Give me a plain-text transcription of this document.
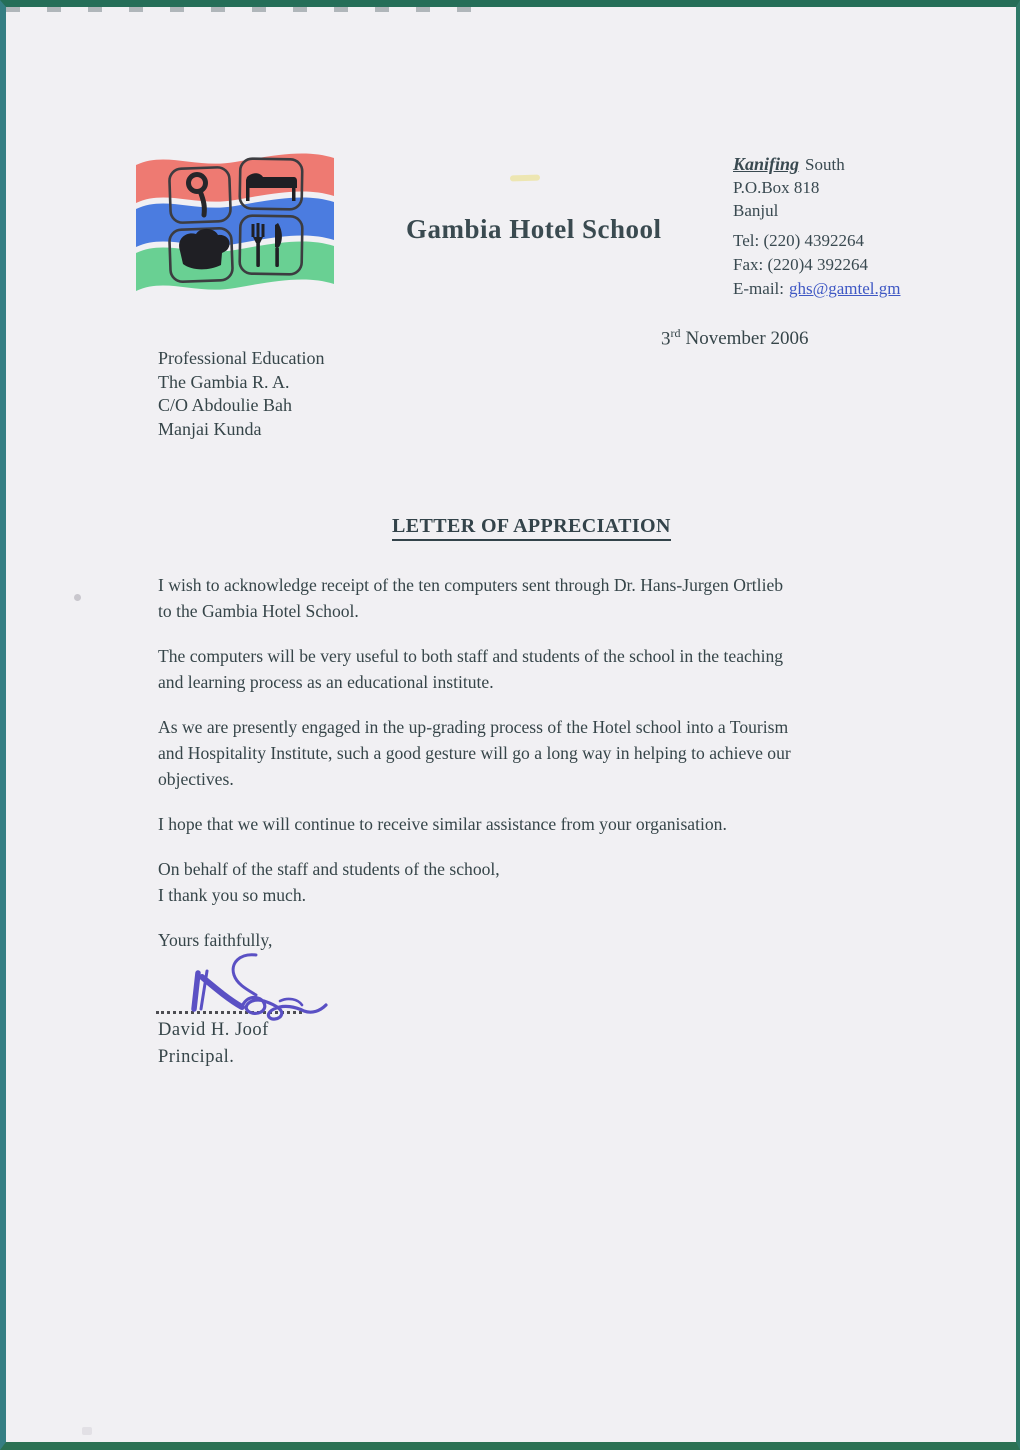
Gambia Hotel School
Kanifing South
P.O.Box 818
Banjul
Tel: (220) 4392264
Fax: (220)4 392264
E-mail: ghs@gamtel.gm
3rd November 2006
Professional Education
The Gambia R. A.
C/O Abdoulie Bah
Manjai Kunda
LETTER OF APPRECIATION

I wish to acknowledge receipt of the ten computers sent through Dr. Hans-Jurgen Ortlieb
to the Gambia Hotel School.

The computers will be very useful to both staff and students of the school in the teaching
and learning process as an educational institute.

As we are presently engaged in the up-grading process of the Hotel school into a Tourism
and Hospitality Institute, such a good gesture will go a long way in helping to achieve our
objectives.

I hope that we will continue to receive similar assistance from your organisation.

On behalf of the staff and students of the school,
I thank you so much.

Yours faithfully,

David H. Joof
Principal.
